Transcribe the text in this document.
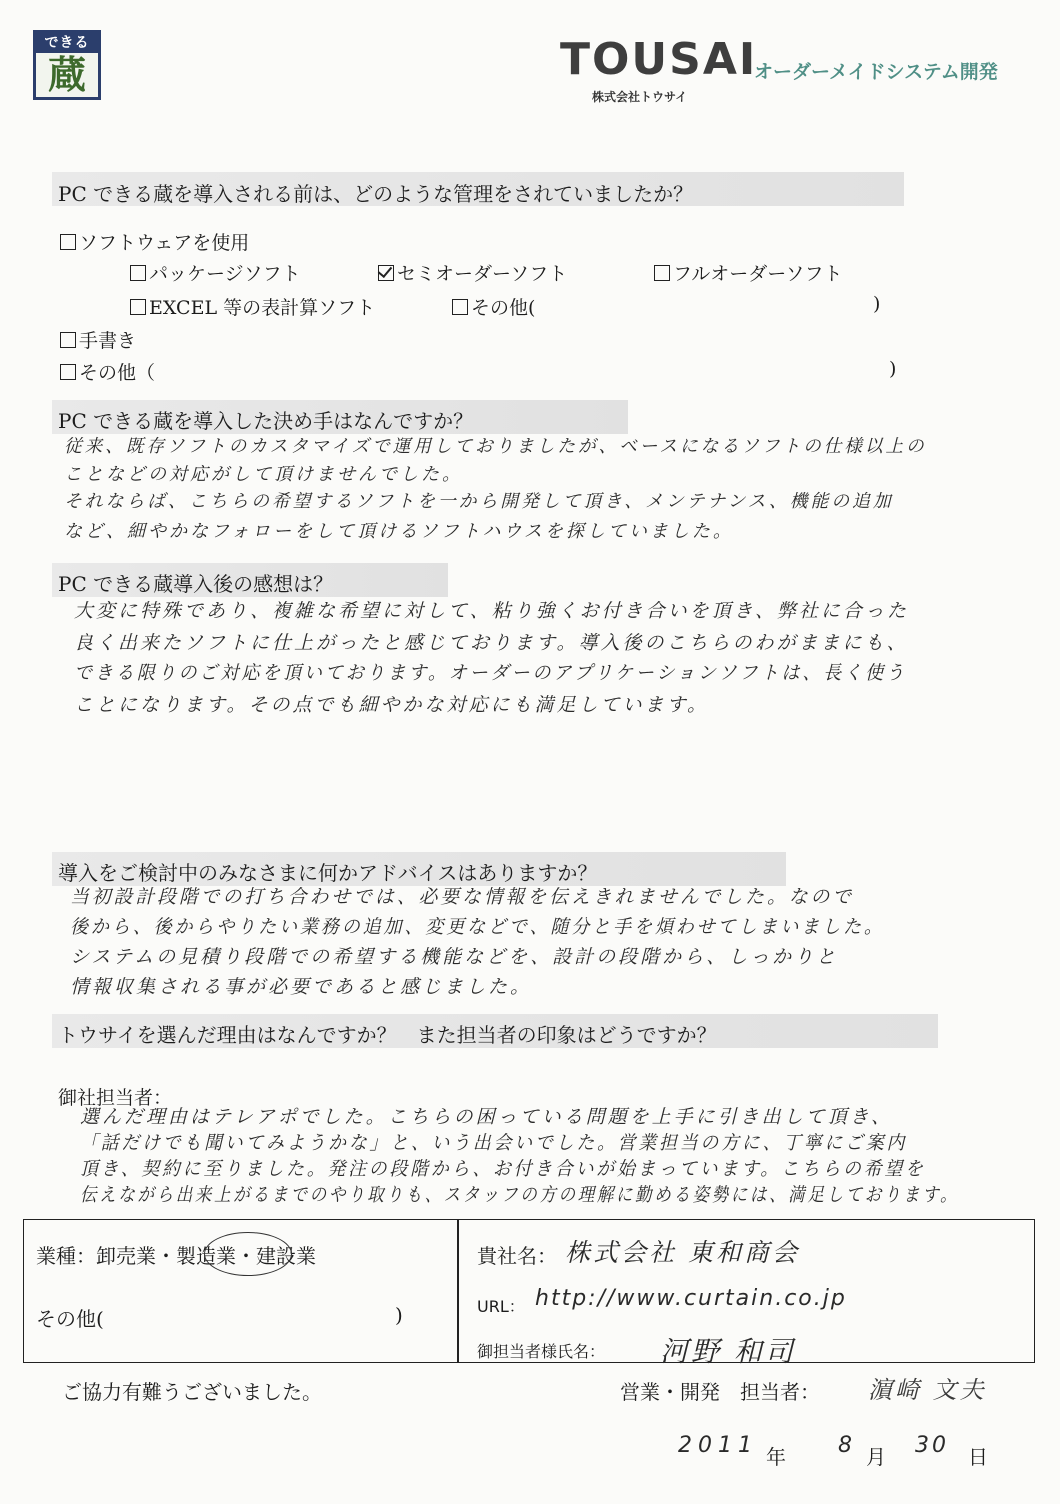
できる
蔵	TOUSAI
オーダーメイドシステム開発
株式会社トウサイ
PC できる蔵を導入される前は、どのような管理をされていましたか？
ソフトウェアを使用
パッケージソフト	セミオーダーソフト	フルオーダーソフト
EXCEL 等の表計算ソフト	その他(	)
手書き
その他（	)
PC できる蔵を導入した決め手はなんですか？
従来、既存ソフトのカスタマイズで運用しておりましたが、ベースになるソフトの仕様以上の
ことなどの対応がして頂けませんでした。
それならば、こちらの希望するソフトを一から開発して頂き、メンテナンス、機能の追加
など、細やかなフォローをして頂けるソフトハウスを探していました。
PC できる蔵導入後の感想は？
大変に特殊であり、複雑な希望に対して、粘り強くお付き合いを頂き、弊社に合った
良く出来たソフトに仕上がったと感じております。導入後のこちらのわがままにも、
できる限りのご対応を頂いております。オーダーのアプリケーションソフトは、長く使う
ことになります。その点でも細やかな対応にも満足しています。
導入をご検討中のみなさまに何かアドバイスはありますか？
当初設計段階での打ち合わせでは、必要な情報を伝えきれませんでした。なので
後から、後からやりたい業務の追加、変更などで、随分と手を煩わせてしまいました。
システムの見積り段階での希望する機能などを、設計の段階から、しっかりと
情報収集される事が必要であると感じました。
トウサイを選んだ理由はなんですか？　また担当者の印象はどうですか？
御社担当者：
選んだ理由はテレアポでした。こちらの困っている問題を上手に引き出して頂き、
「話だけでも聞いてみようかな」と、いう出会いでした。営業担当の方に、丁寧にご案内
頂き、契約に至りました。発注の段階から、お付き合いが始まっています。こちらの希望を
伝えながら出来上がるまでのやり取りも、スタッフの方の理解に勤める姿勢には、満足しております。
業種：卸売業・製造業・建設業
その他(	)
貴社名： 株式会社 東和商会
URL： http://www.curtain.co.jp
御担当者様氏名： 河野 和司
ご協力有難うございました。	営業・開発　担当者： 濵崎 文夫
2011 年 8 月 30 日
